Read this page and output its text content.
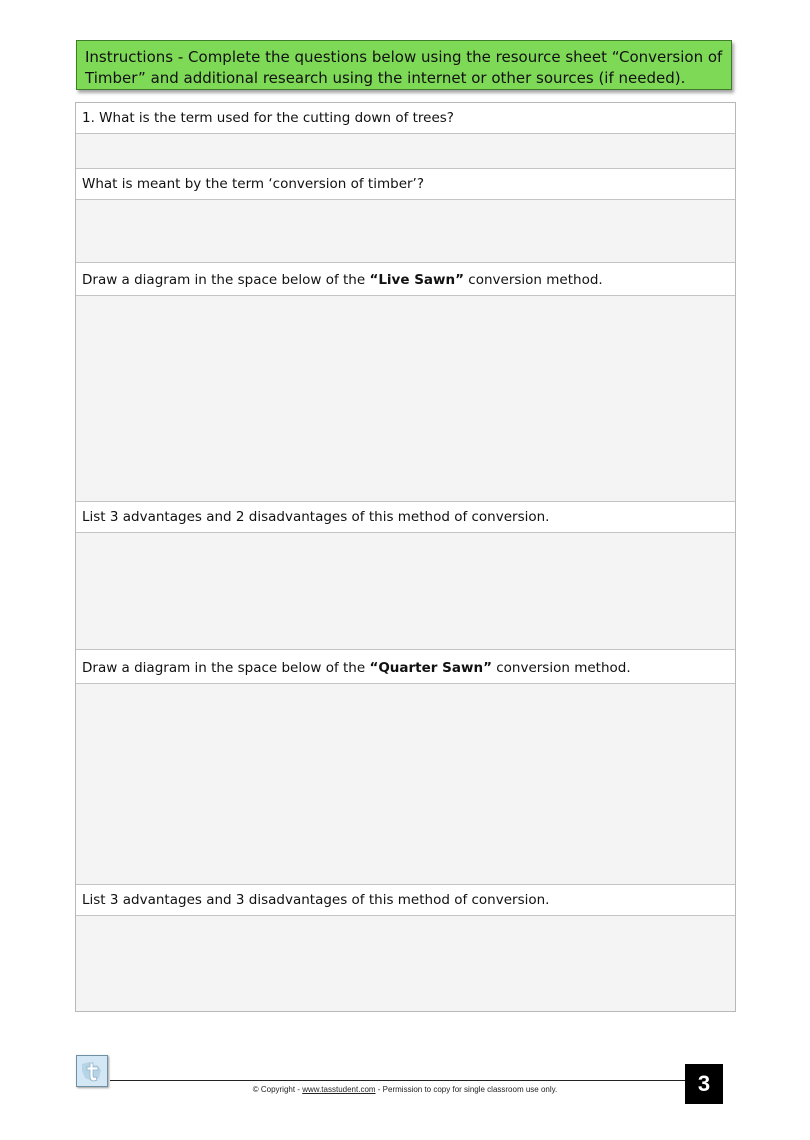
Instructions - Complete the questions below using the resource sheet “Conversion of Timber” and additional research using the internet or other sources (if needed).
1. What is the term used for the cutting down of trees?
What is meant by the term ‘conversion of timber’?
Draw a diagram in the space below of the “Live Sawn” conversion method.
List 3 advantages and 2 disadvantages of this method of conversion.
Draw a diagram in the space below of the “Quarter Sawn” conversion method.
List 3 advantages and 3 disadvantages of this method of conversion.
© Copyright - www.tasstudent.com - Permission to copy for single classroom use only.	3
